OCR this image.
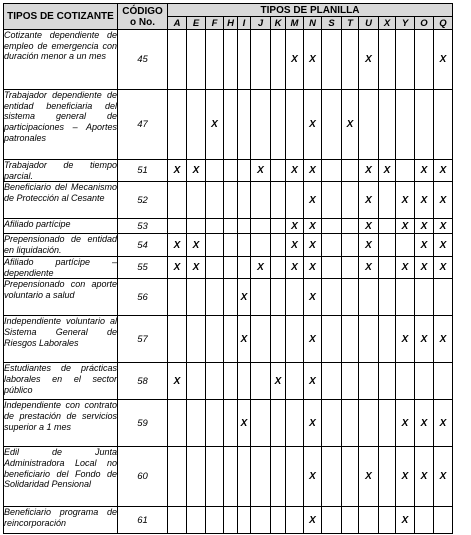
TIPOS DE COTIZANTE	CÓDIGO o No.	TIPOS DE PLANILLA															
		A	E	F	H	I	J	K	M	N	S	T	U	X	Y	O	Q
Cotizante dependiente de empleo de emergencia con duración menor a un mes	45								X	X			X				X
Trabajador dependiente de entidad beneficiaria del sistema general de participaciones – Aportes patronales	47			X						X		X					
Trabajador de tiempo parcial.	51	X	X				X		X	X			X	X		X	X
Beneficiario del Mecanismo de Protección al Cesante	52									X			X		X	X	X
Afiliado partícipe	53								X	X			X		X	X	X
Prepensionado de entidad en liquidación.	54	X	X						X	X			X			X	X
Afiliado partícipe – dependiente	55	X	X				X		X	X			X		X	X	X
Prepensionado con aporte voluntario a salud	56					X				X							
Independiente voluntario al Sistema General de Riesgos Laborales	57					X				X					X	X	X
Estudiantes de prácticas laborales en el sector público	58	X						X		X							
Independiente con contrato de prestación de servicios superior a 1 mes	59					X				X					X	X	X
Edil de Junta Administradora Local no beneficiario del Fondo de Solidaridad Pensional	60									X			X		X	X	X
Beneficiario programa de reincorporación	61									X					X		
